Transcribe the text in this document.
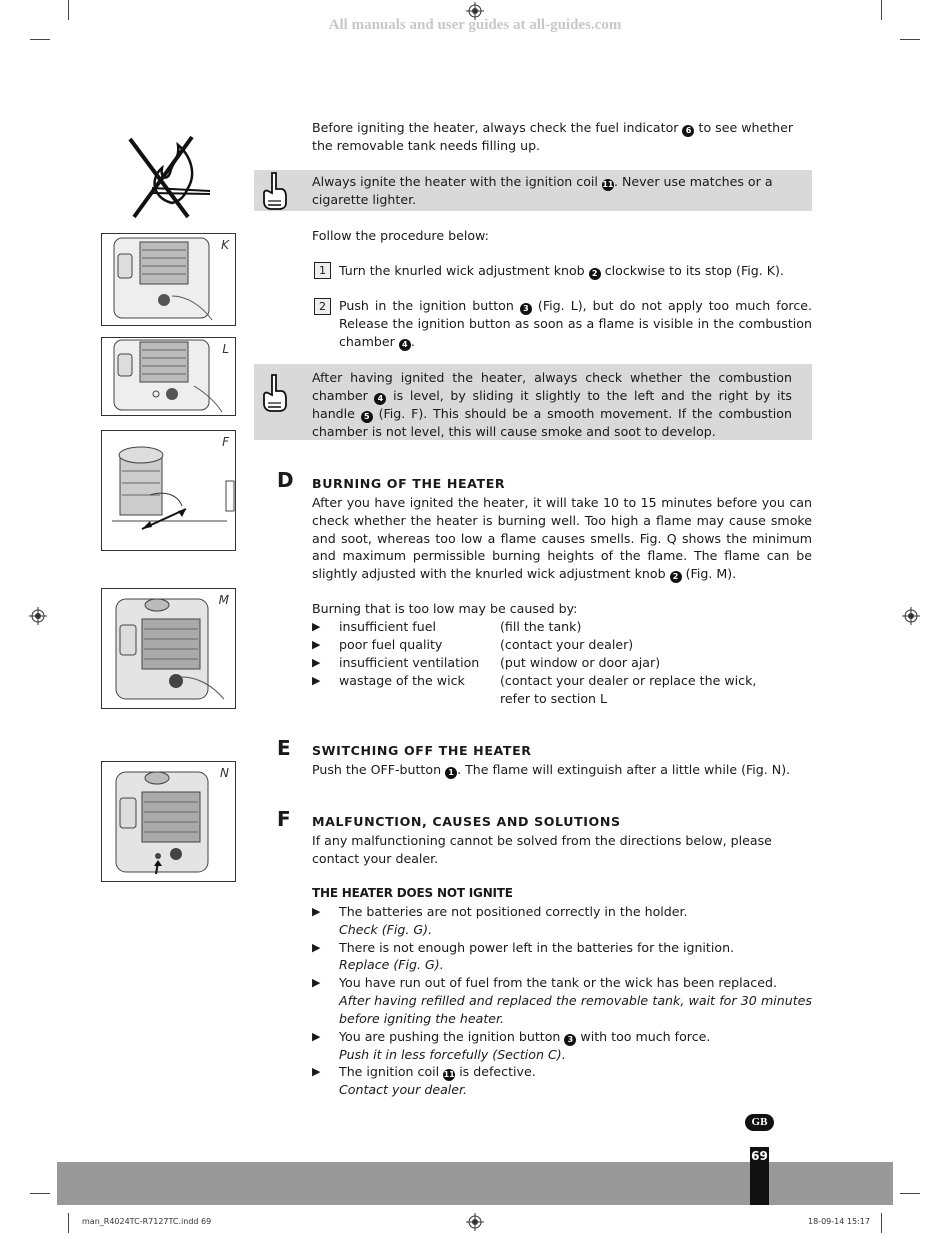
All manuals and user guides at all-guides.com
K
L
F
M
N
Before igniting the heater, always check the fuel indicator 6 to see whether the removable tank needs filling up.
Always ignite the heater with the ignition coil 11. Never use matches or a cigarette lighter.
Follow the procedure below:
1	Turn the knurled wick adjustment knob 2 clockwise to its stop (Fig. K).
2	Push in the ignition button 3 (Fig. L), but do not apply too much force. Release the ignition button as soon as a flame is visible in the combustion chamber 4 .
After having ignited the heater, always check whether the combustion chamber 4 is level, by sliding it slightly to the left and the right by its handle 5 (Fig. F). This should be a smooth movement. If the combustion chamber is not level, this will cause smoke and soot to develop.
D BURNING OF THE HEATER
After you have ignited the heater, it will take 10 to 15 minutes before you can check whether the heater is burning well. Too high a flame may cause smoke and soot, whereas too low a flame causes smells. Fig. Q shows the minimum and maximum permissible burning heights of the flame. The flame can be slightly adjusted with the knurled wick adjustment knob 2 (Fig. M).
Burning that is too low may be caused by:
▶	insufficient fuel	(fill the tank)
▶	poor fuel quality	(contact your dealer)
▶	insufficient ventilation (put window or door ajar)
▶	wastage of the wick	(contact your dealer or replace the wick,
refer to section L
E SWITCHING OFF THE HEATER
Push the OFF-button 1 . The flame will extinguish after a little while (Fig. N).
F MALFUNCTION, CAUSES AND SOLUTIONS
If any malfunctioning cannot be solved from the directions below, please contact your dealer.
THE HEATER DOES NOT IGNITE
▶	The batteries are not positioned correctly in the holder.
Check (Fig. G).
▶	There is not enough power left in the batteries for the ignition.
Replace (Fig. G).
▶	You have run out of fuel from the tank or the wick has been replaced.
After having refilled and replaced the removable tank, wait for 30 minutes before igniting the heater.
▶	You are pushing the ignition button 3 with too much force.
Push it in less forcefully (Section C).
▶	The ignition coil 11 is defective.
Contact your dealer.
GB
69
man_R4024TC-R7127TC.indd 69	18-09-14 15:17
